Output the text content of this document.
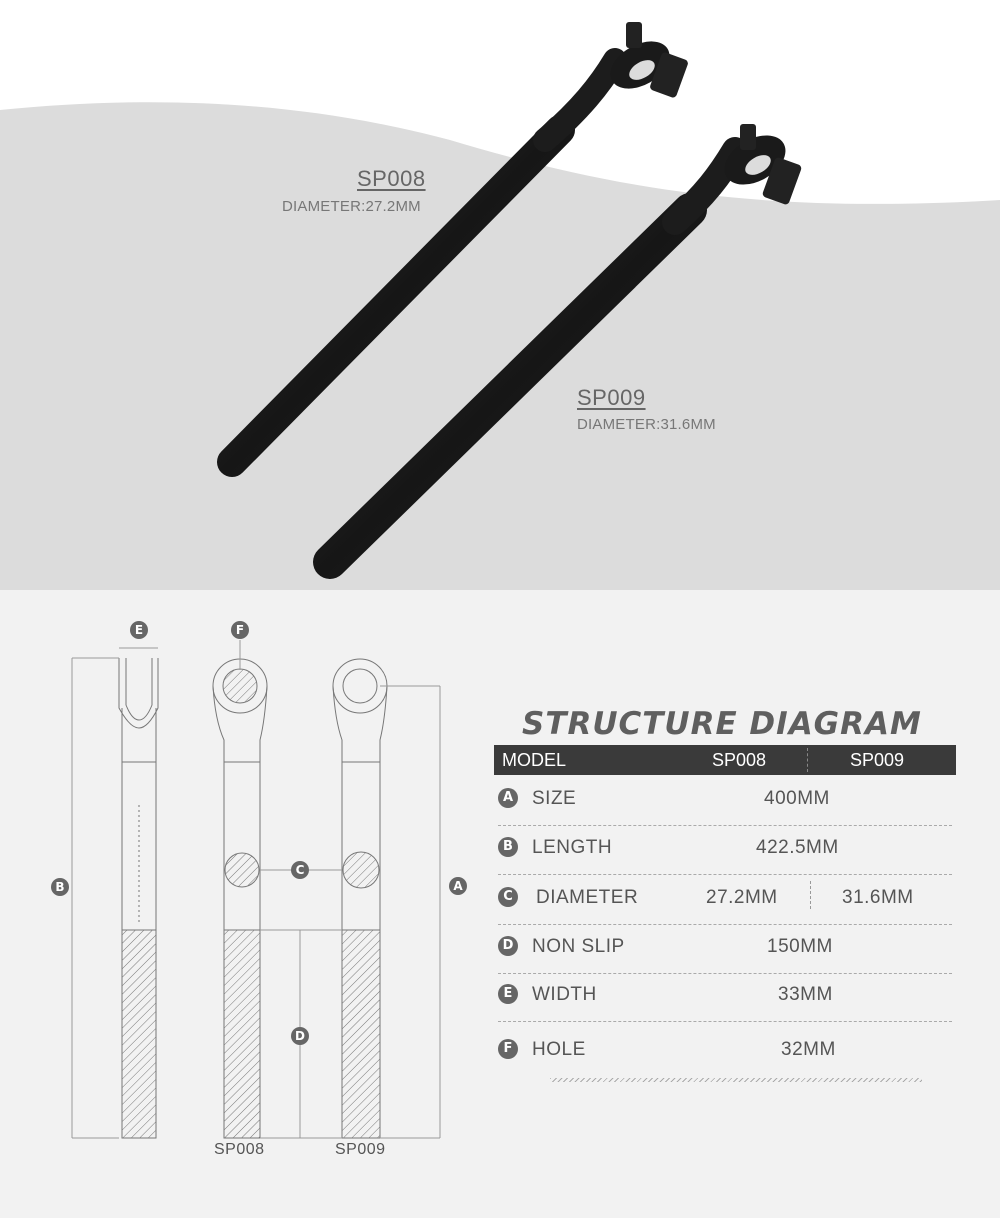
SP008
DIAMETER:27.2MM
SP009
DIAMETER:31.6MM
E	F
C
D
B	A
SP008	SP009
STRUCTURE DIAGRAM
MODEL	SP008	SP009
A SIZE	400MM
B LENGTH	422.5MM
C DIAMETER	27.2MM	31.6MM
D NON SLIP	150MM
E WIDTH	33MM
F HOLE	32MM
